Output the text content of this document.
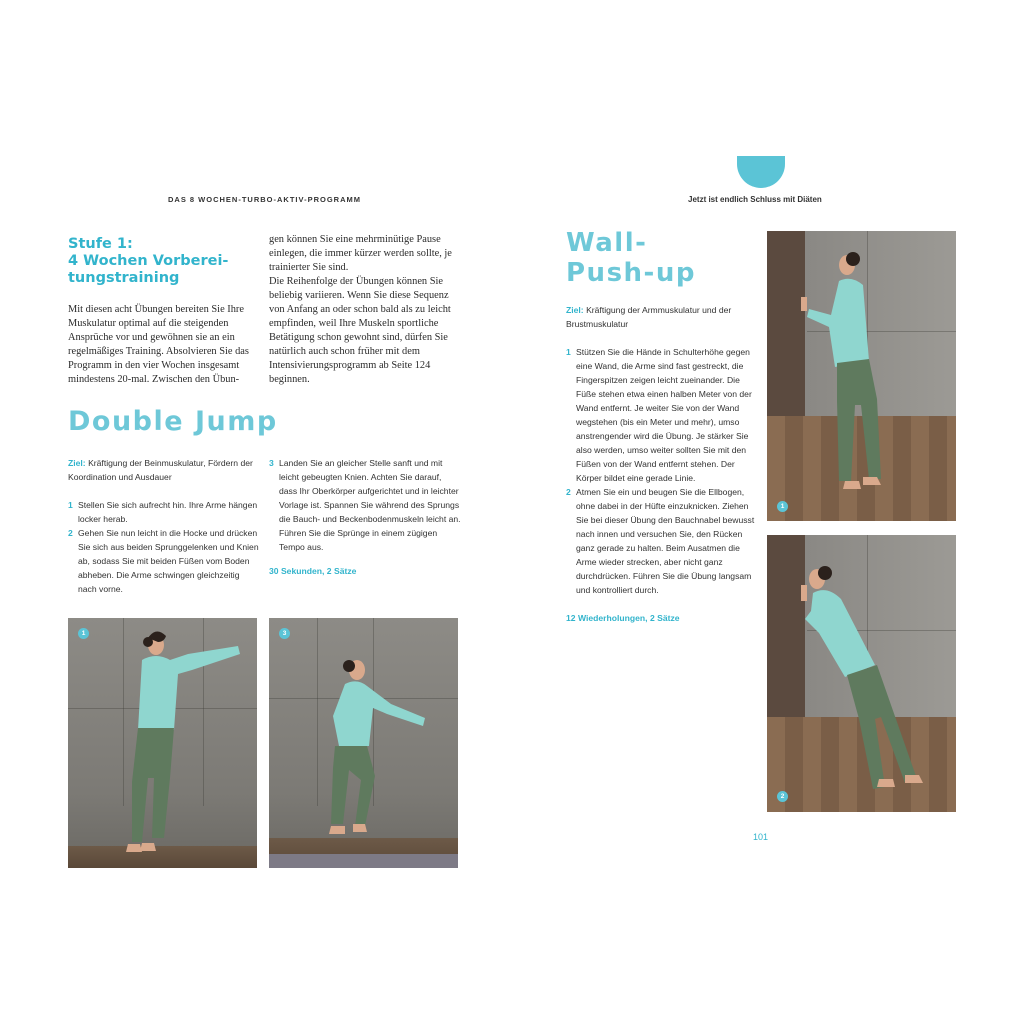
DAS 8 WOCHEN-TURBO-AKTIV-PROGRAMM	Jetzt ist endlich Schluss mit Diäten
Stufe 1:
4 Wochen Vorberei-
tungstraining

Mit diesen acht Übungen bereiten Sie Ihre Muskulatur optimal auf die steigenden Ansprüche vor und gewöhnen sie an ein regelmäßiges Training. Absolvieren Sie das Programm in den vier Wochen insgesamt mindestens 20-mal. Zwischen den Übun-

gen können Sie eine mehrminütige Pause einlegen, die immer kürzer werden sollte, je trainierter Sie sind.

Die Reihenfolge der Übungen können Sie beliebig variieren. Wenn Sie diese Sequenz von Anfang an oder schon bald als zu leicht empfinden, weil Ihre Muskeln sportliche Betätigung schon gewohnt sind, dürfen Sie natürlich auch schon früher mit dem Intensivierungsprogramm ab Seite 124 beginnen.

Double Jump
Ziel: Kräftigung der Beinmuskulatur, Fördern der Koordination und Ausdauer
1 Stellen Sie sich aufrecht hin. Ihre Arme hängen locker herab.
2 Gehen Sie nun leicht in die Hocke und drücken Sie sich aus beiden Sprunggelenken und Knien ab, sodass Sie mit beiden Füßen vom Boden abheben. Die Arme schwingen gleichzeitig nach vorne.
3 Landen Sie an gleicher Stelle sanft und mit leicht gebeugten Knien. Achten Sie darauf, dass Ihr Oberkörper aufgerichtet und in leichter Vorlage ist. Spannen Sie während des Sprungs die Bauch- und Beckenbodenmuskeln leicht an. Führen Sie die Sprünge in einem zügigen Tempo aus.
30 Sekunden, 2 Sätze
1	3
Wall-
Push-up
Ziel: Kräftigung der Armmuskulatur und der Brustmuskulatur
1 Stützen Sie die Hände in Schulterhöhe gegen eine Wand, die Arme sind fast gestreckt, die Fingerspitzen zeigen leicht zueinander. Die Füße stehen etwa einen halben Meter von der Wand entfernt. Je weiter Sie von der Wand wegstehen (bis ein Meter und mehr), umso anstrengender wird die Übung. Je stärker Sie also werden, umso weiter sollten Sie mit den Füßen von der Wand entfernt stehen. Der Körper bildet eine gerade Linie.
2 Atmen Sie ein und beugen Sie die Ellbogen, ohne dabei in der Hüfte einzuknicken. Ziehen Sie bei dieser Übung den Bauchnabel bewusst nach innen und versuchen Sie, den Rücken ganz gerade zu halten. Beim Ausatmen die Arme wieder strecken, aber nicht ganz durchdrücken. Führen Sie die Übung langsam und kontrolliert durch.
12 Wiederholungen, 2 Sätze
1
2
101
